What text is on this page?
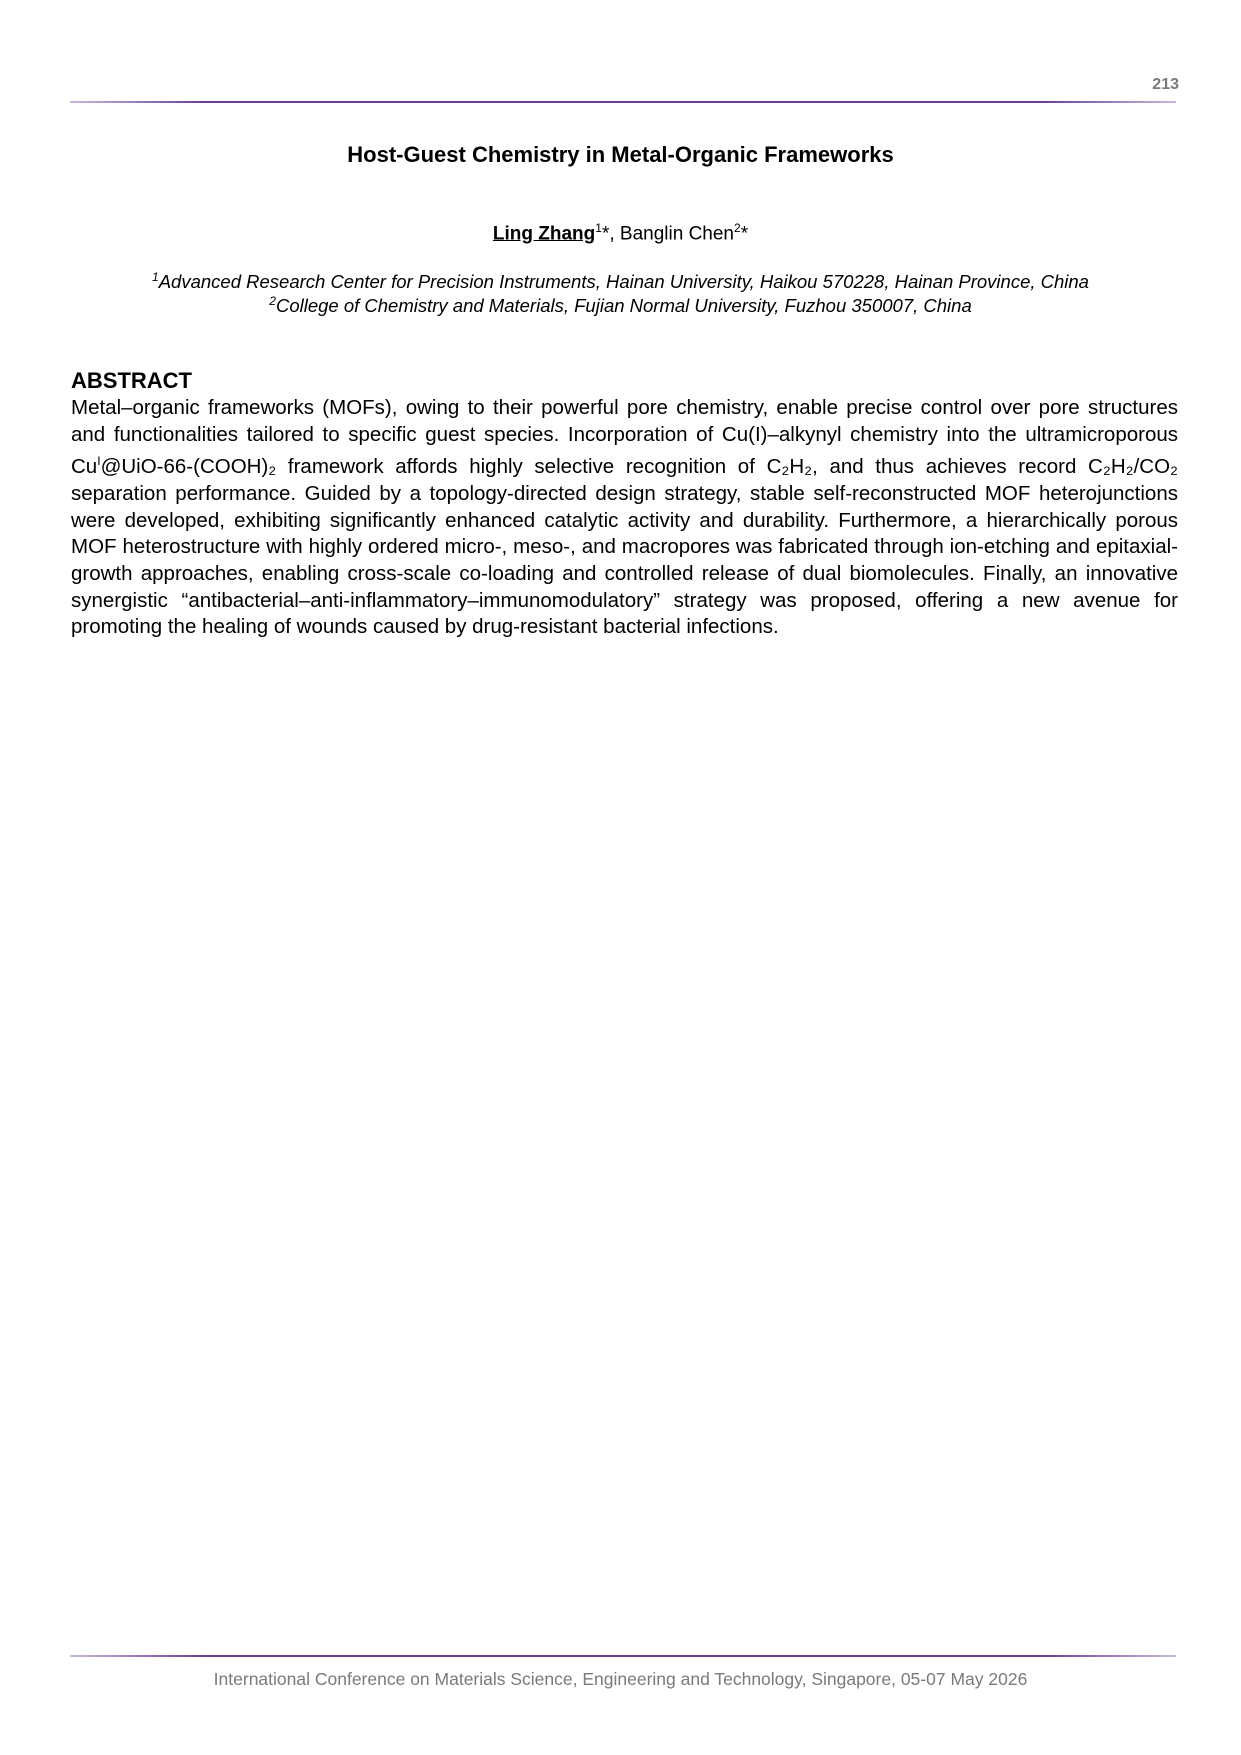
213
Host-Guest Chemistry in Metal-Organic Frameworks
Ling Zhang$^1$*, Banglin Chen$^2$*
$^1$Advanced Research Center for Precision Instruments, Hainan University, Haikou 570228, Hainan Province, China
$^2$College of Chemistry and Materials, Fujian Normal University, Fuzhou 350007, China
ABSTRACT
Metal–organic frameworks (MOFs), owing to their powerful pore chemistry, enable precise control over pore structures and functionalities tailored to specific guest species. Incorporation of Cu(I)–alkynyl chemistry into the ultramicroporous $Cu^I@UiO-66-(COOH)_2$ framework affords highly selective recognition of C₂H₂, and thus achieves record C₂H₂/CO₂ separation performance. Guided by a topology-directed design strategy, stable self-reconstructed MOF heterojunctions were developed, exhibiting significantly enhanced catalytic activity and durability. Furthermore, a hierarchically porous MOF heterostructure with highly ordered micro-, meso-, and macropores was fabricated through ion-etching and epitaxial-growth approaches, enabling cross-scale co-loading and controlled release of dual biomolecules. Finally, an innovative synergistic “antibacterial–anti-inflammatory–immunomodulatory” strategy was proposed, offering a new avenue for promoting the healing of wounds caused by drug-resistant bacterial infections.
International Conference on Materials Science, Engineering and Technology, Singapore, 05-07 May 2026
